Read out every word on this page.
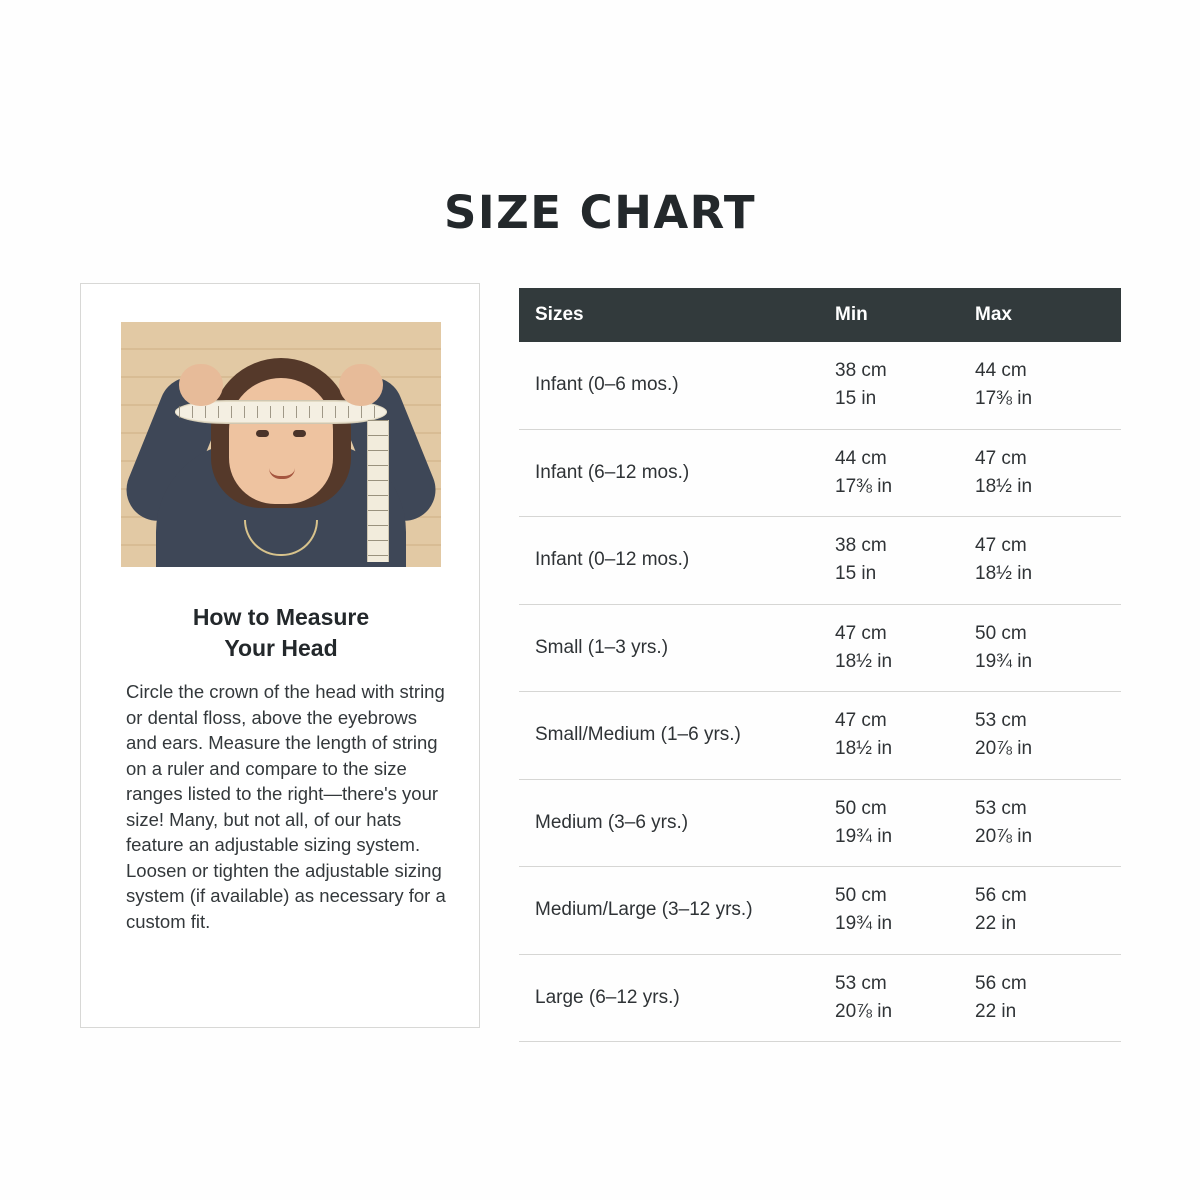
SIZE CHART
How to Measure
Your Head
Circle the crown of the head with string or dental floss, above the eyebrows and ears. Measure the length of string on a ruler and compare to the size ranges listed to the right—there's your size! Many, but not all, of our hats feature an adjustable sizing system. Loosen or tighten the adjustable sizing system (if available) as necessary for a custom fit.
Sizes	Min	Max
Infant (0–6 mos.)
38 cm
15 in
44 cm
17⅜ in
Infant (6–12 mos.)
44 cm
17⅜ in
47 cm
18½ in
Infant (0–12 mos.)
38 cm
15 in
47 cm
18½ in
Small (1–3 yrs.)
47 cm
18½ in
50 cm
19¾ in
Small/Medium (1–6 yrs.)
47 cm
18½ in
53 cm
20⅞ in
Medium (3–6 yrs.)
50 cm
19¾ in
53 cm
20⅞ in
Medium/Large (3–12 yrs.)
50 cm
19¾ in
56 cm
22 in
Large (6–12 yrs.)
53 cm
20⅞ in
56 cm
22 in
